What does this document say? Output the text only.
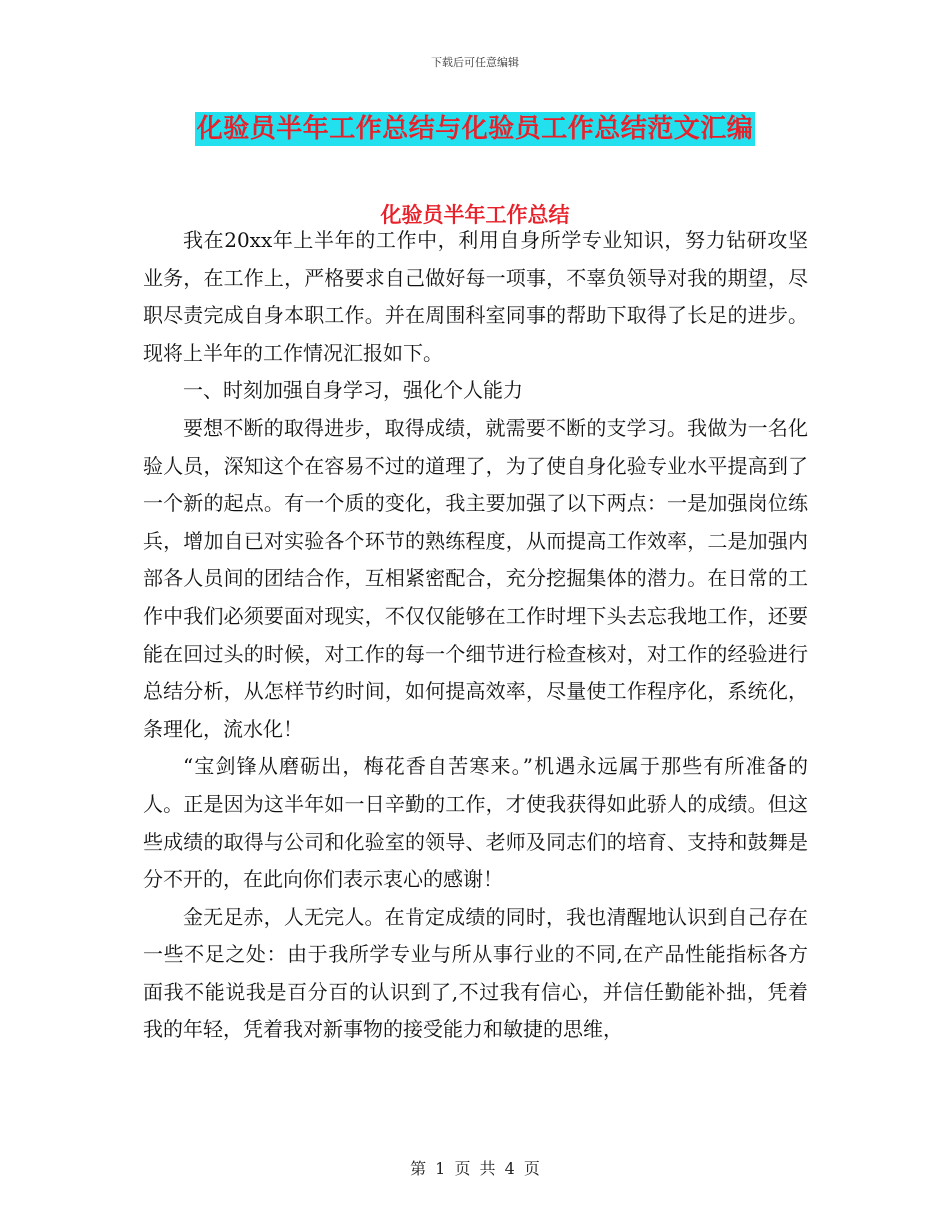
下载后可任意编辑
化验员半年工作总结与化验员工作总结范文汇编
化验员半年工作总结

我在20xx年上半年的工作中，利用自身所学专业知识，努力钻研攻坚业务，在工作上，严格要求自己做好每一项事，不辜负领导对我的期望，尽职尽责完成自身本职工作。并在周围科室同事的帮助下取得了长足的进步。现将上半年的工作情况汇报如下。

一、时刻加强自身学习，强化个人能力

要想不断的取得进步，取得成绩，就需要不断的支学习。我做为一名化验人员，深知这个在容易不过的道理了，为了使自身化验专业水平提高到了一个新的起点。有一个质的变化，我主要加强了以下两点：一是加强岗位练兵，增加自已对实验各个环节的熟练程度，从而提高工作效率，二是加强内部各人员间的团结合作，互相紧密配合，充分挖掘集体的潜力。在日常的工作中我们必须要面对现实，不仅仅能够在工作时埋下头去忘我地工作，还要能在回过头的时候，对工作的每一个细节进行检查核对，对工作的经验进行总结分析，从怎样节约时间，如何提高效率，尽量使工作程序化，系统化，条理化，流水化！

“宝剑锋从磨砺出，梅花香自苦寒来。”机遇永远属于那些有所准备的人。正是因为这半年如一日辛勤的工作，才使我获得如此骄人的成绩。但这些成绩的取得与公司和化验室的领导、老师及同志们的培育、支持和鼓舞是分不开的，在此向你们表示衷心的感谢！

金无足赤，人无完人。在肯定成绩的同时，我也清醒地认识到自己存在一些不足之处：由于我所学专业与所从事行业的不同,在产品性能指标各方面我不能说我是百分百的认识到了,不过我有信心，并信任勤能补拙，凭着我的年轻，凭着我对新事物的接受能力和敏捷的思维，

第 1 页 共 4 页
